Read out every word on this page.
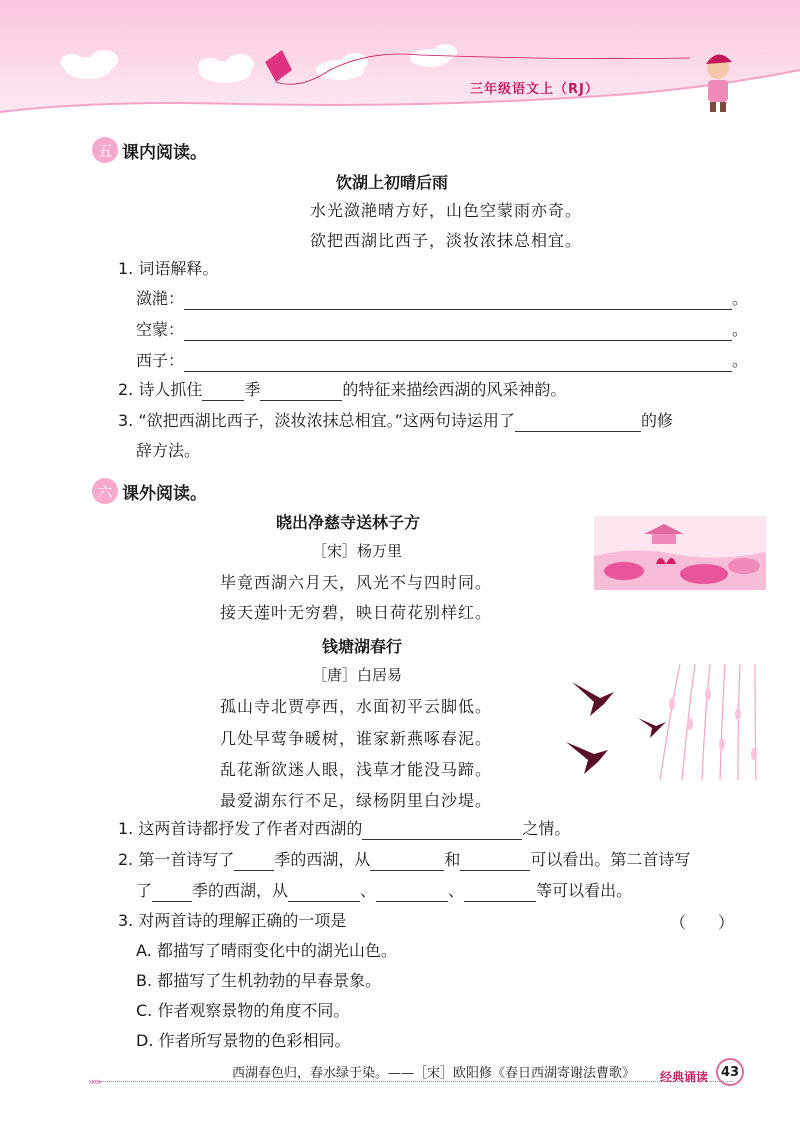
三年级语文上（RJ）
五 课内阅读。
饮湖上初晴后雨
水光潋滟晴方好，山色空蒙雨亦奇。
欲把西湖比西子，淡妆浓抹总相宜。
1. 词语解释。
潋滟：	。
空蒙：	。
西子：	。
2. 诗人抓住	季	的特征来描绘西湖的风采神韵。
3. “欲把西湖比西子，淡妆浓抹总相宜。”这两句诗运用了	的修
辞方法。
六 课外阅读。
晓出净慈寺送林子方
［宋］杨万里
毕竟西湖六月天，风光不与四时同。
接天莲叶无穷碧，映日荷花别样红。
钱塘湖春行
［唐］白居易
孤山寺北贾亭西，水面初平云脚低。
几处早莺争暖树，谁家新燕啄春泥。
乱花渐欲迷人眼，浅草才能没马蹄。
最爱湖东行不足，绿杨阴里白沙堤。
1. 这两首诗都抒发了作者对西湖的	之情。
2. 第一首诗写了	季的西湖，从	和	可以看出。第二首诗写
了	季的西湖，从	、	、	等可以看出。
3. 对两首诗的理解正确的一项是	（　　）
A. 都描写了晴雨变化中的湖光山色。
B. 都描写了生机勃勃的早春景象。
C. 作者观察景物的角度不同。
D. 作者所写景物的色彩相同。
西湖春色归，春水绿于染。——［宋］欧阳修《春日西湖寄谢法曹歌》
›››››	经典诵读 43
